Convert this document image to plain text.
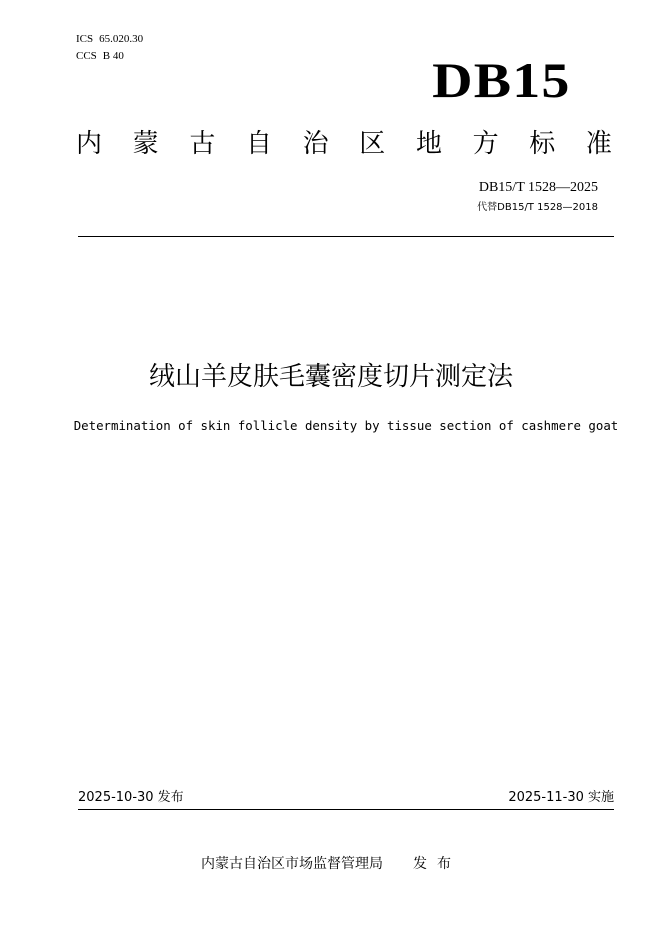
ICS 65.020.30
CCS B 40	DB15
内 蒙 古 自 治 区 地 方 标 准
DB15/T 1528—2025
代替DB15/T 1528—2018
绒山羊皮肤毛囊密度切片测定法
Determination of skin follicle density by tissue section of cashmere goat
2025-10-30 发布	2025-11-30 实施
内蒙古自治区市场监督管理局 发布
